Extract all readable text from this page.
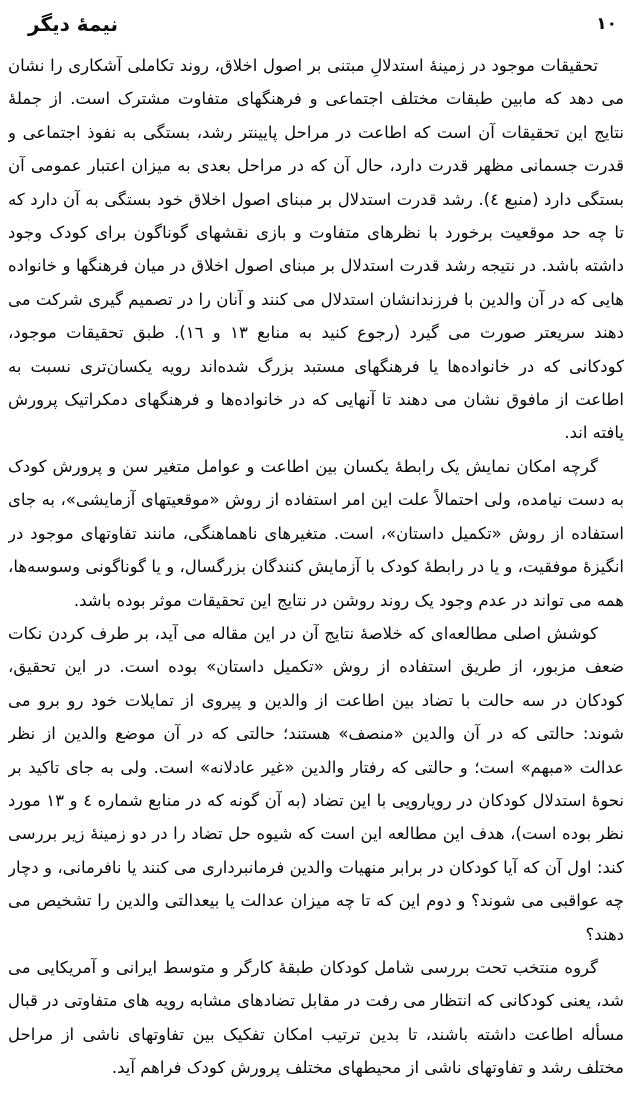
نیمهٔ دیگر	۱۰

تحقیقات موجود در زمینهٔ استدلالِ مبتنی بر اصول اخلاق، روند تکاملی آشکاری را نشان می دهد که مابین طبقات مختلف اجتماعی و فرهنگهای متفاوت مشترک است. از جملهٔ نتایج این تحقیقات آن است که اطاعت در مراحل پایینتر رشد، بستگی به نفوذ اجتماعی و قدرت جسمانی مظهر قدرت دارد، حال آن که در مراحل بعدی به میزان اعتبار عمومی آن بستگی دارد (منبع ٤). رشد قدرت استدلال بر مبنای اصول اخلاق خود بستگی به آن دارد که تا چه حد موقعیت برخورد با نظرهای متفاوت و بازی نقشهای گوناگون برای کودک وجود داشته باشد. در نتیجه رشد قدرت استدلال بر مبنای اصول اخلاق در میان فرهنگها و خانواده هایی که در آن والدین با فرزندانشان استدلال می کنند و آنان را در تصمیم گیری شرکت می دهند سریعتر صورت می گیرد (رجوع کنید به منابع ۱۳ و ۱٦). طبق تحقیقات موجود، کودکانی که در خانواده‌ها یا فرهنگهای مستبد بزرگ شده‌اند رویه یکسان‌تری نسبت به اطاعت از مافوق نشان می دهند تا آنهایی که در خانواده‌ها و فرهنگهای دمکراتیک پرورش یافته اند.

گرچه امکان نمایش یک رابطهٔ یکسان بین اطاعت و عوامل متغیر سن و پرورش کودک به دست نیامده، ولی احتمالاً علت این امر استفاده از روش «موقعیتهای آزمایشی»، به جای استفاده از روش «تکمیل داستان»، است. متغیرهای ناهماهنگی، مانند تفاوتهای موجود در انگیزهٔ موفقیت، و یا در رابطهٔ کودک با آزمایش کنندگان بزرگسال، و یا گوناگونی وسوسه‌ها، همه می تواند در عدم وجود یک روند روشن در نتایج این تحقیقات موثر بوده باشد.

کوشش اصلی مطالعه‌ای که خلاصهٔ نتایج آن در این مقاله می آید، بر طرف کردن نکات ضعف مزبور، از طریق استفاده از روش «تکمیل داستان» بوده است. در این تحقیق، کودکان در سه حالت با تضاد بین اطاعت از والدین و پیروی از تمایلات خود رو برو می شوند: حالتی که در آن والدین «منصف» هستند؛ حالتی که در آن موضع والدین از نظر عدالت «مبهم» است؛ و حالتی که رفتار والدین «غیر عادلانه» است. ولی به جای تاکید بر نحوهٔ استدلال کودکان در رویارویی با این تضاد (به آن گونه که در منابع شماره ٤ و ۱۳ مورد نظر بوده است)، هدف این مطالعه این است که شیوه حل تضاد را در دو زمینهٔ زیر بررسی کند: اول آن که آیا کودکان در برابر منهیات والدین فرمانبرداری می کنند یا نافرمانی، و دچار چه عواقبی می شوند؟ و دوم این که تا چه میزان عدالت یا بیعدالتی والدین را تشخیص می دهند؟

گروه منتخب تحت بررسی شامل کودکان طبقهٔ کارگر و متوسط ایرانی و آمریکایی می شد، یعنی کودکانی که انتظار می رفت در مقابل تضادهای مشابه رویه های متفاوتی در قبال مسأله اطاعت داشته باشند، تا بدین ترتیب امکان تفکیک بین تفاوتهای ناشی از مراحل مختلف رشد و تفاوتهای ناشی از محیطهای مختلف پرورش کودک فراهم آید.
